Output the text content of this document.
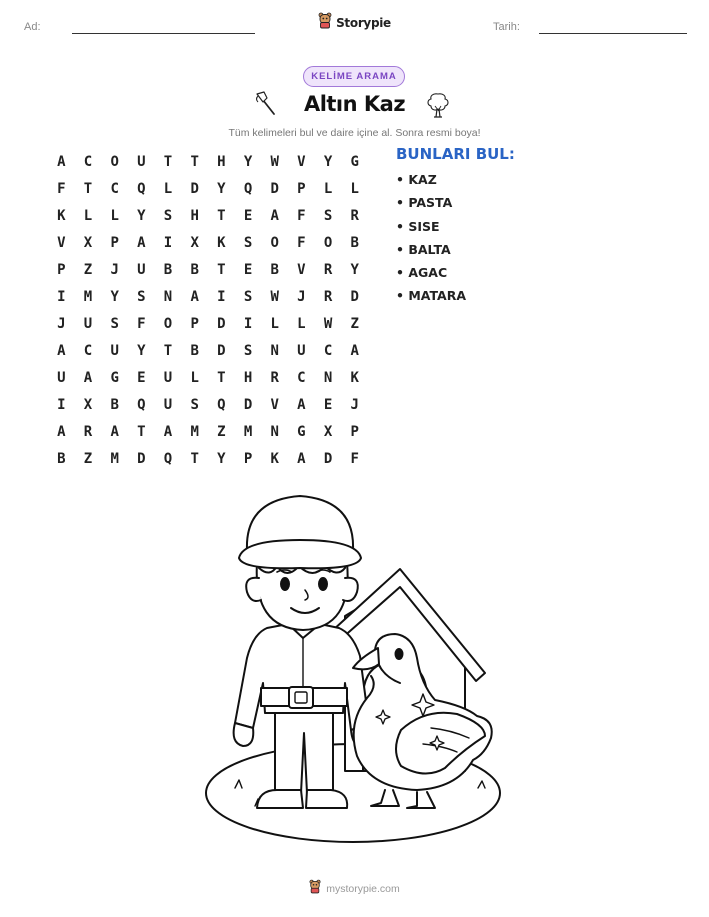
Ad:	Tarih:
Storypie
KELİME ARAMA
Altın Kaz
Tüm kelimeleri bul ve daire içine al. Sonra resmi boya!
A	C	O	U	T	T	H	Y	W	V	Y	G
F	T	C	Q	L	D	Y	Q	D	P	L	L
K	L	L	Y	S	H	T	E	A	F	S	R
V	X	P	A	I	X	K	S	O	F	O	B
P	Z	J	U	B	B	T	E	B	V	R	Y
I	M	Y	S	N	A	I	S	W	J	R	D
J	U	S	F	O	P	D	I	L	L	W	Z
A	C	U	Y	T	B	D	S	N	U	C	A
U	A	G	E	U	L	T	H	R	C	N	K
I	X	B	Q	U	S	Q	D	V	A	E	J
A	R	A	T	A	M	Z	M	N	G	X	P
B	Z	M	D	Q	T	Y	P	K	A	D	F
BUNLARI BUL:
• KAZ
• PASTA
• SISE
• BALTA
• AGAC
• MATARA
mystorypie.com
